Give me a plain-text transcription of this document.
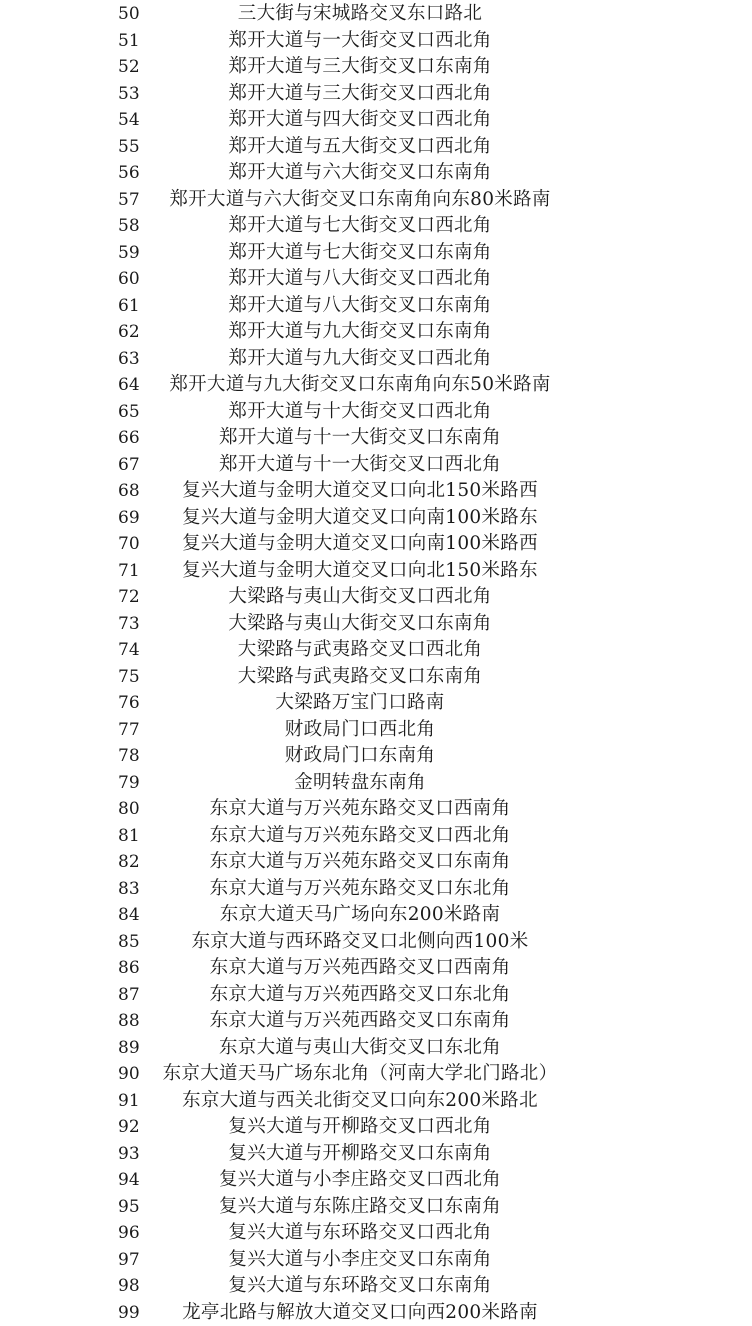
50	三大街与宋城路交叉东口路北
51	郑开大道与一大街交叉口西北角
52	郑开大道与三大街交叉口东南角
53	郑开大道与三大街交叉口西北角
54	郑开大道与四大街交叉口西北角
55	郑开大道与五大街交叉口西北角
56	郑开大道与六大街交叉口东南角
57	郑开大道与六大街交叉口东南角向东80米路南
58	郑开大道与七大街交叉口西北角
59	郑开大道与七大街交叉口东南角
60	郑开大道与八大街交叉口西北角
61	郑开大道与八大街交叉口东南角
62	郑开大道与九大街交叉口东南角
63	郑开大道与九大街交叉口西北角
64	郑开大道与九大街交叉口东南角向东50米路南
65	郑开大道与十大街交叉口西北角
66	郑开大道与十一大街交叉口东南角
67	郑开大道与十一大街交叉口西北角
68	复兴大道与金明大道交叉口向北150米路西
69	复兴大道与金明大道交叉口向南100米路东
70	复兴大道与金明大道交叉口向南100米路西
71	复兴大道与金明大道交叉口向北150米路东
72	大梁路与夷山大街交叉口西北角
73	大梁路与夷山大街交叉口东南角
74	大梁路与武夷路交叉口西北角
75	大梁路与武夷路交叉口东南角
76	大梁路万宝门口路南
77	财政局门口西北角
78	财政局门口东南角
79	金明转盘东南角
80	东京大道与万兴苑东路交叉口西南角
81	东京大道与万兴苑东路交叉口西北角
82	东京大道与万兴苑东路交叉口东南角
83	东京大道与万兴苑东路交叉口东北角
84	东京大道天马广场向东200米路南
85	东京大道与西环路交叉口北侧向西100米
86	东京大道与万兴苑西路交叉口西南角
87	东京大道与万兴苑西路交叉口东北角
88	东京大道与万兴苑西路交叉口东南角
89	东京大道与夷山大街交叉口东北角
90	东京大道天马广场东北角（河南大学北门路北）
91	东京大道与西关北街交叉口向东200米路北
92	复兴大道与开柳路交叉口西北角
93	复兴大道与开柳路交叉口东南角
94	复兴大道与小李庄路交叉口西北角
95	复兴大道与东陈庄路交叉口东南角
96	复兴大道与东环路交叉口西北角
97	复兴大道与小李庄交叉口东南角
98	复兴大道与东环路交叉口东南角
99	龙亭北路与解放大道交叉口向西200米路南
